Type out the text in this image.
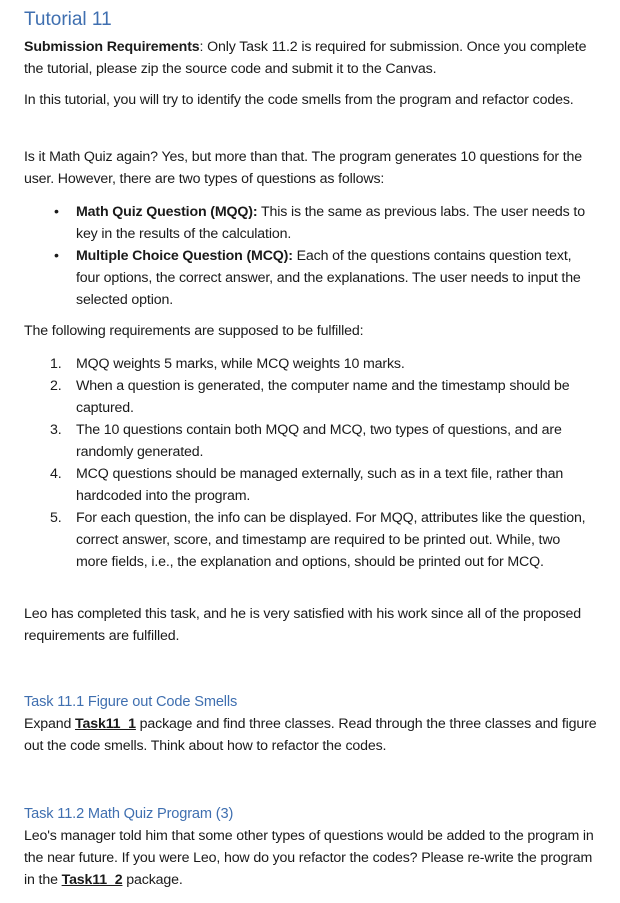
Tutorial 11
Submission Requirements: Only Task 11.2 is required for submission. Once you complete the tutorial, please zip the source code and submit it to the Canvas.
In this tutorial, you will try to identify the code smells from the program and refactor codes.
Is it Math Quiz again? Yes, but more than that. The program generates 10 questions for the user. However, there are two types of questions as follows:
• Math Quiz Question (MQQ): This is the same as previous labs. The user needs to key in the results of the calculation.
• Multiple Choice Question (MCQ): Each of the questions contains question text, four options, the correct answer, and the explanations. The user needs to input the selected option.
The following requirements are supposed to be fulfilled:
1. MQQ weights 5 marks, while MCQ weights 10 marks.
2. When a question is generated, the computer name and the timestamp should be captured.
3. The 10 questions contain both MQQ and MCQ, two types of questions, and are randomly generated.
4. MCQ questions should be managed externally, such as in a text file, rather than hardcoded into the program.
5. For each question, the info can be displayed. For MQQ, attributes like the question, correct answer, score, and timestamp are required to be printed out. While, two more fields, i.e., the explanation and options, should be printed out for MCQ.
Leo has completed this task, and he is very satisfied with his work since all of the proposed requirements are fulfilled.
Task 11.1 Figure out Code Smells
Expand Task11_1 package and find three classes. Read through the three classes and figure out the code smells. Think about how to refactor the codes.
Task 11.2 Math Quiz Program (3)
Leo's manager told him that some other types of questions would be added to the program in the near future. If you were Leo, how do you refactor the codes? Please re-write the program in the Task11_2 package.
